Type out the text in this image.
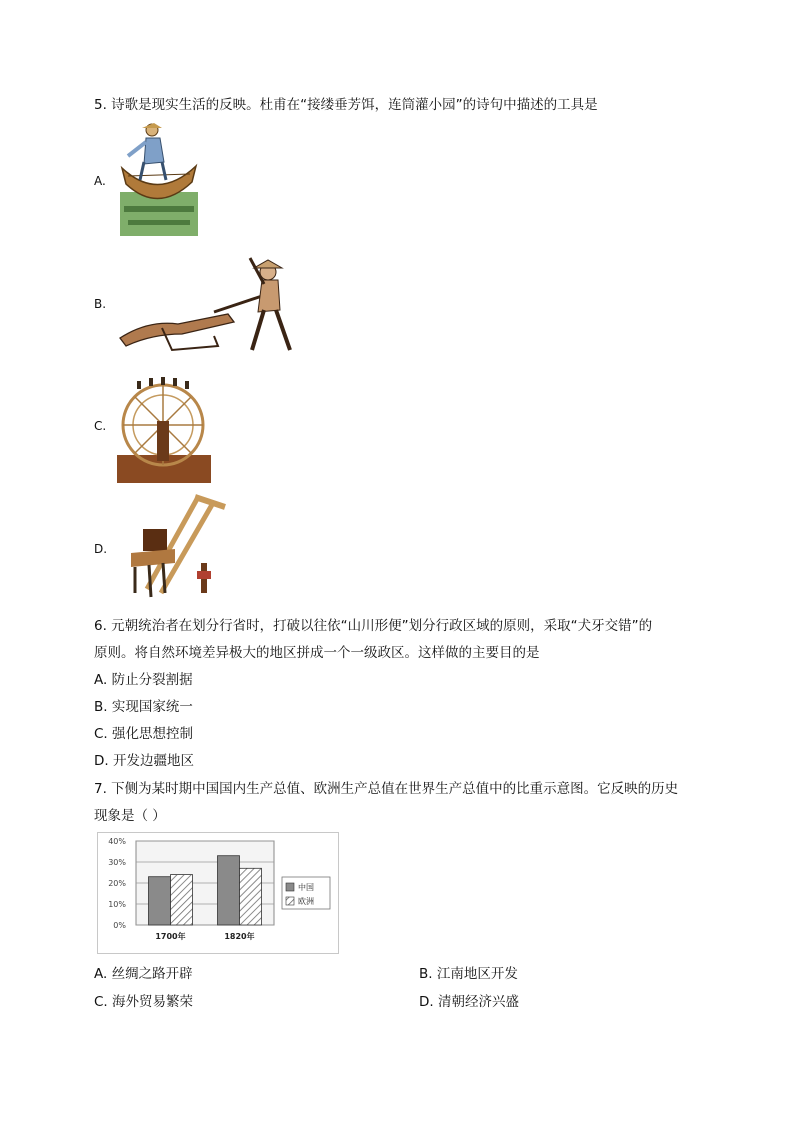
5. 诗歌是现实生活的反映。杜甫在“接缕垂芳饵，连筒灌小园”的诗句中描述的工具是
A.
B.
C.
D.
6. 元朝统治者在划分行省时，打破以往依“山川形便”划分行政区域的原则，采取“犬牙交错”的
原则。将自然环境差异极大的地区拼成一个一级政区。这样做的主要目的是
A. 防止分裂割据
B. 实现国家统一
C. 强化思想控制
D. 开发边疆地区
7. 下侧为某时期中国国内生产总值、欧洲生产总值在世界生产总值中的比重示意图。它反映的历史
现象是（ ）
0%
10%
20%
30%
40%
1700年	1820年
中国
欧洲
A. 丝绸之路开辟	B. 江南地区开发
C. 海外贸易繁荣	D. 清朝经济兴盛
